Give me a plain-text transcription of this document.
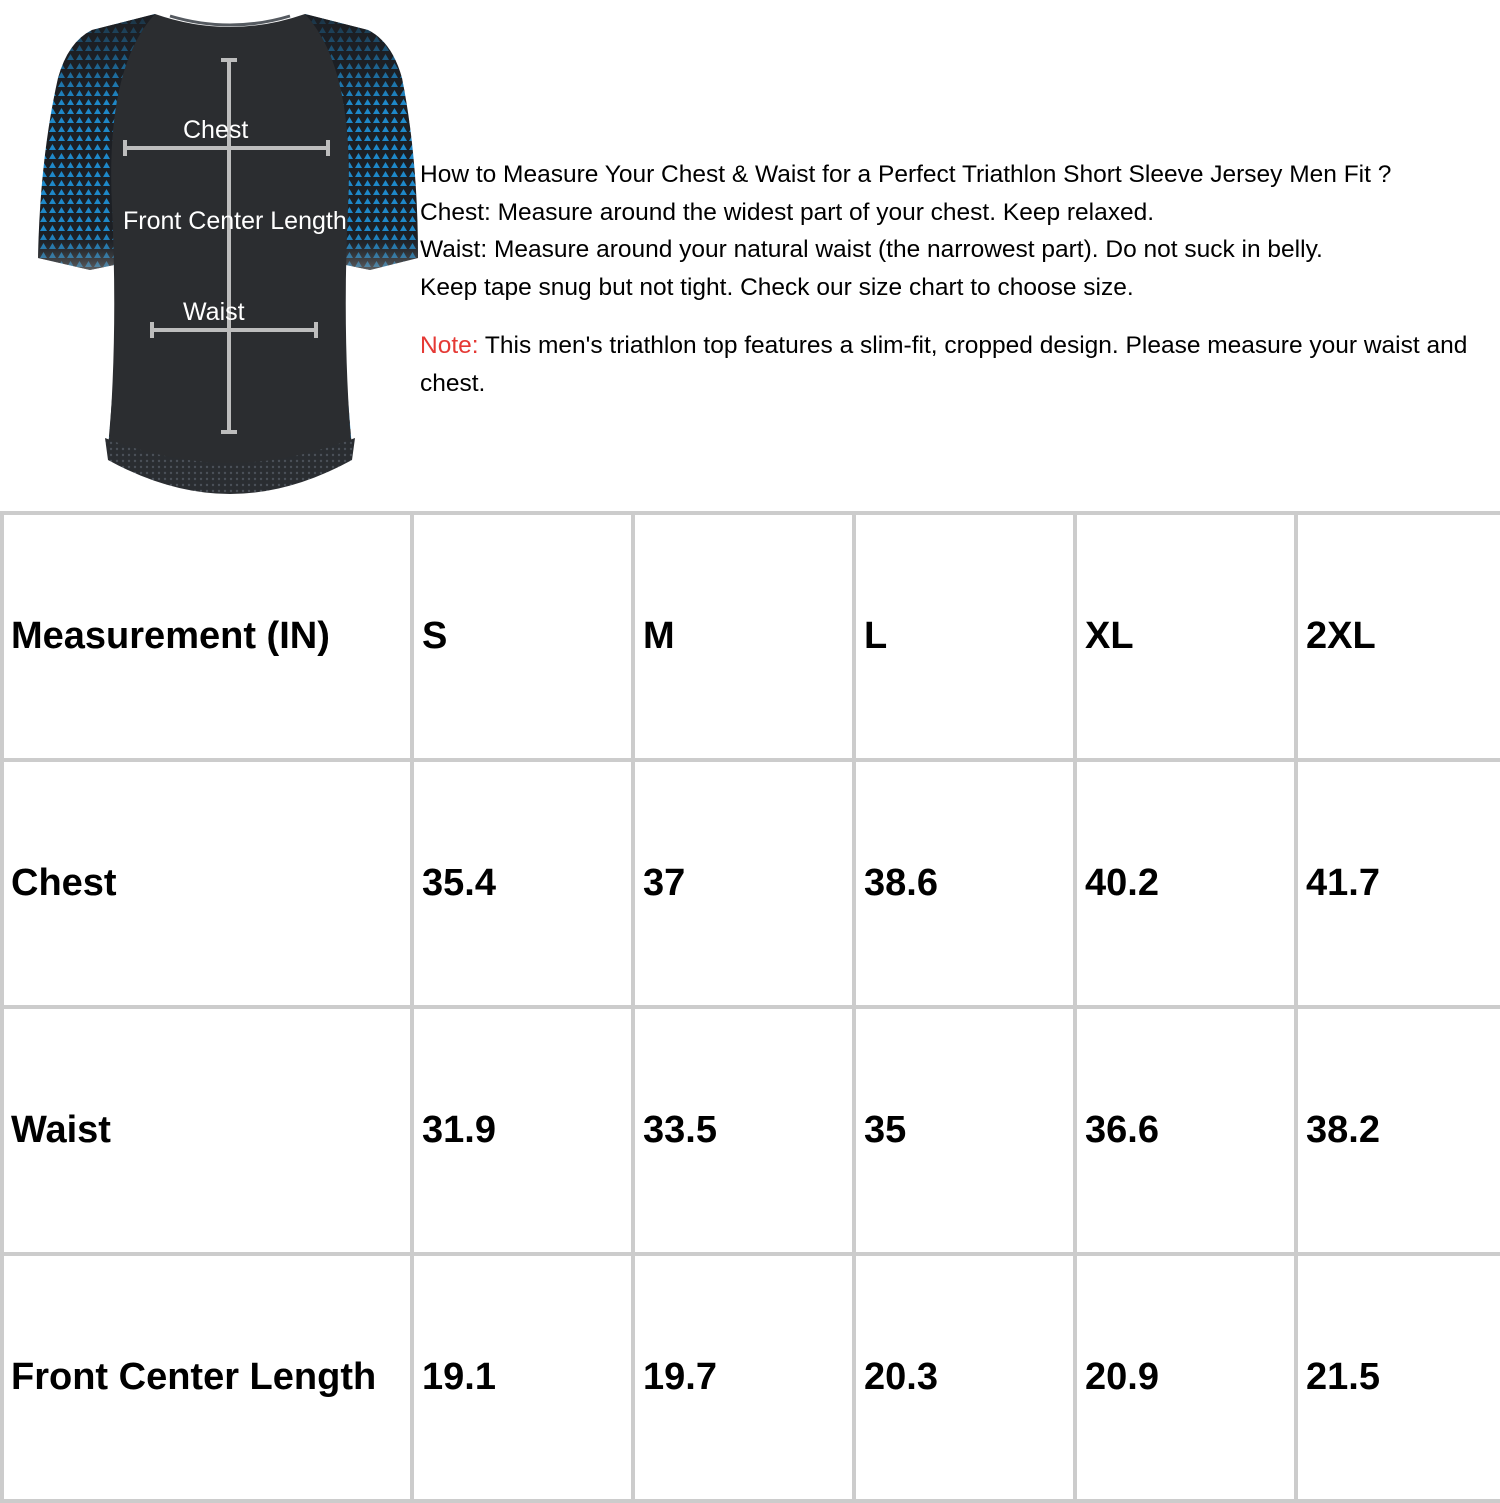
Chest
Front Center Length
Waist

How to Measure Your Chest & Waist for a Perfect Triathlon Short Sleeve Jersey Men Fit ?

Chest: Measure around the widest part of your chest. Keep relaxed.

Waist: Measure around your natural waist (the narrowest part). Do not suck in belly.

Keep tape snug but not tight. Check our size chart to choose size.

Note: This men's triathlon top features a slim-fit, cropped design. Please measure your waist and chest.
Measurement (IN)	S	M	L	XL	2XL
Chest	35.4	37	38.6	40.2	41.7
Waist	31.9	33.5	35	36.6	38.2
Front Center Length	19.1	19.7	20.3	20.9	21.5
